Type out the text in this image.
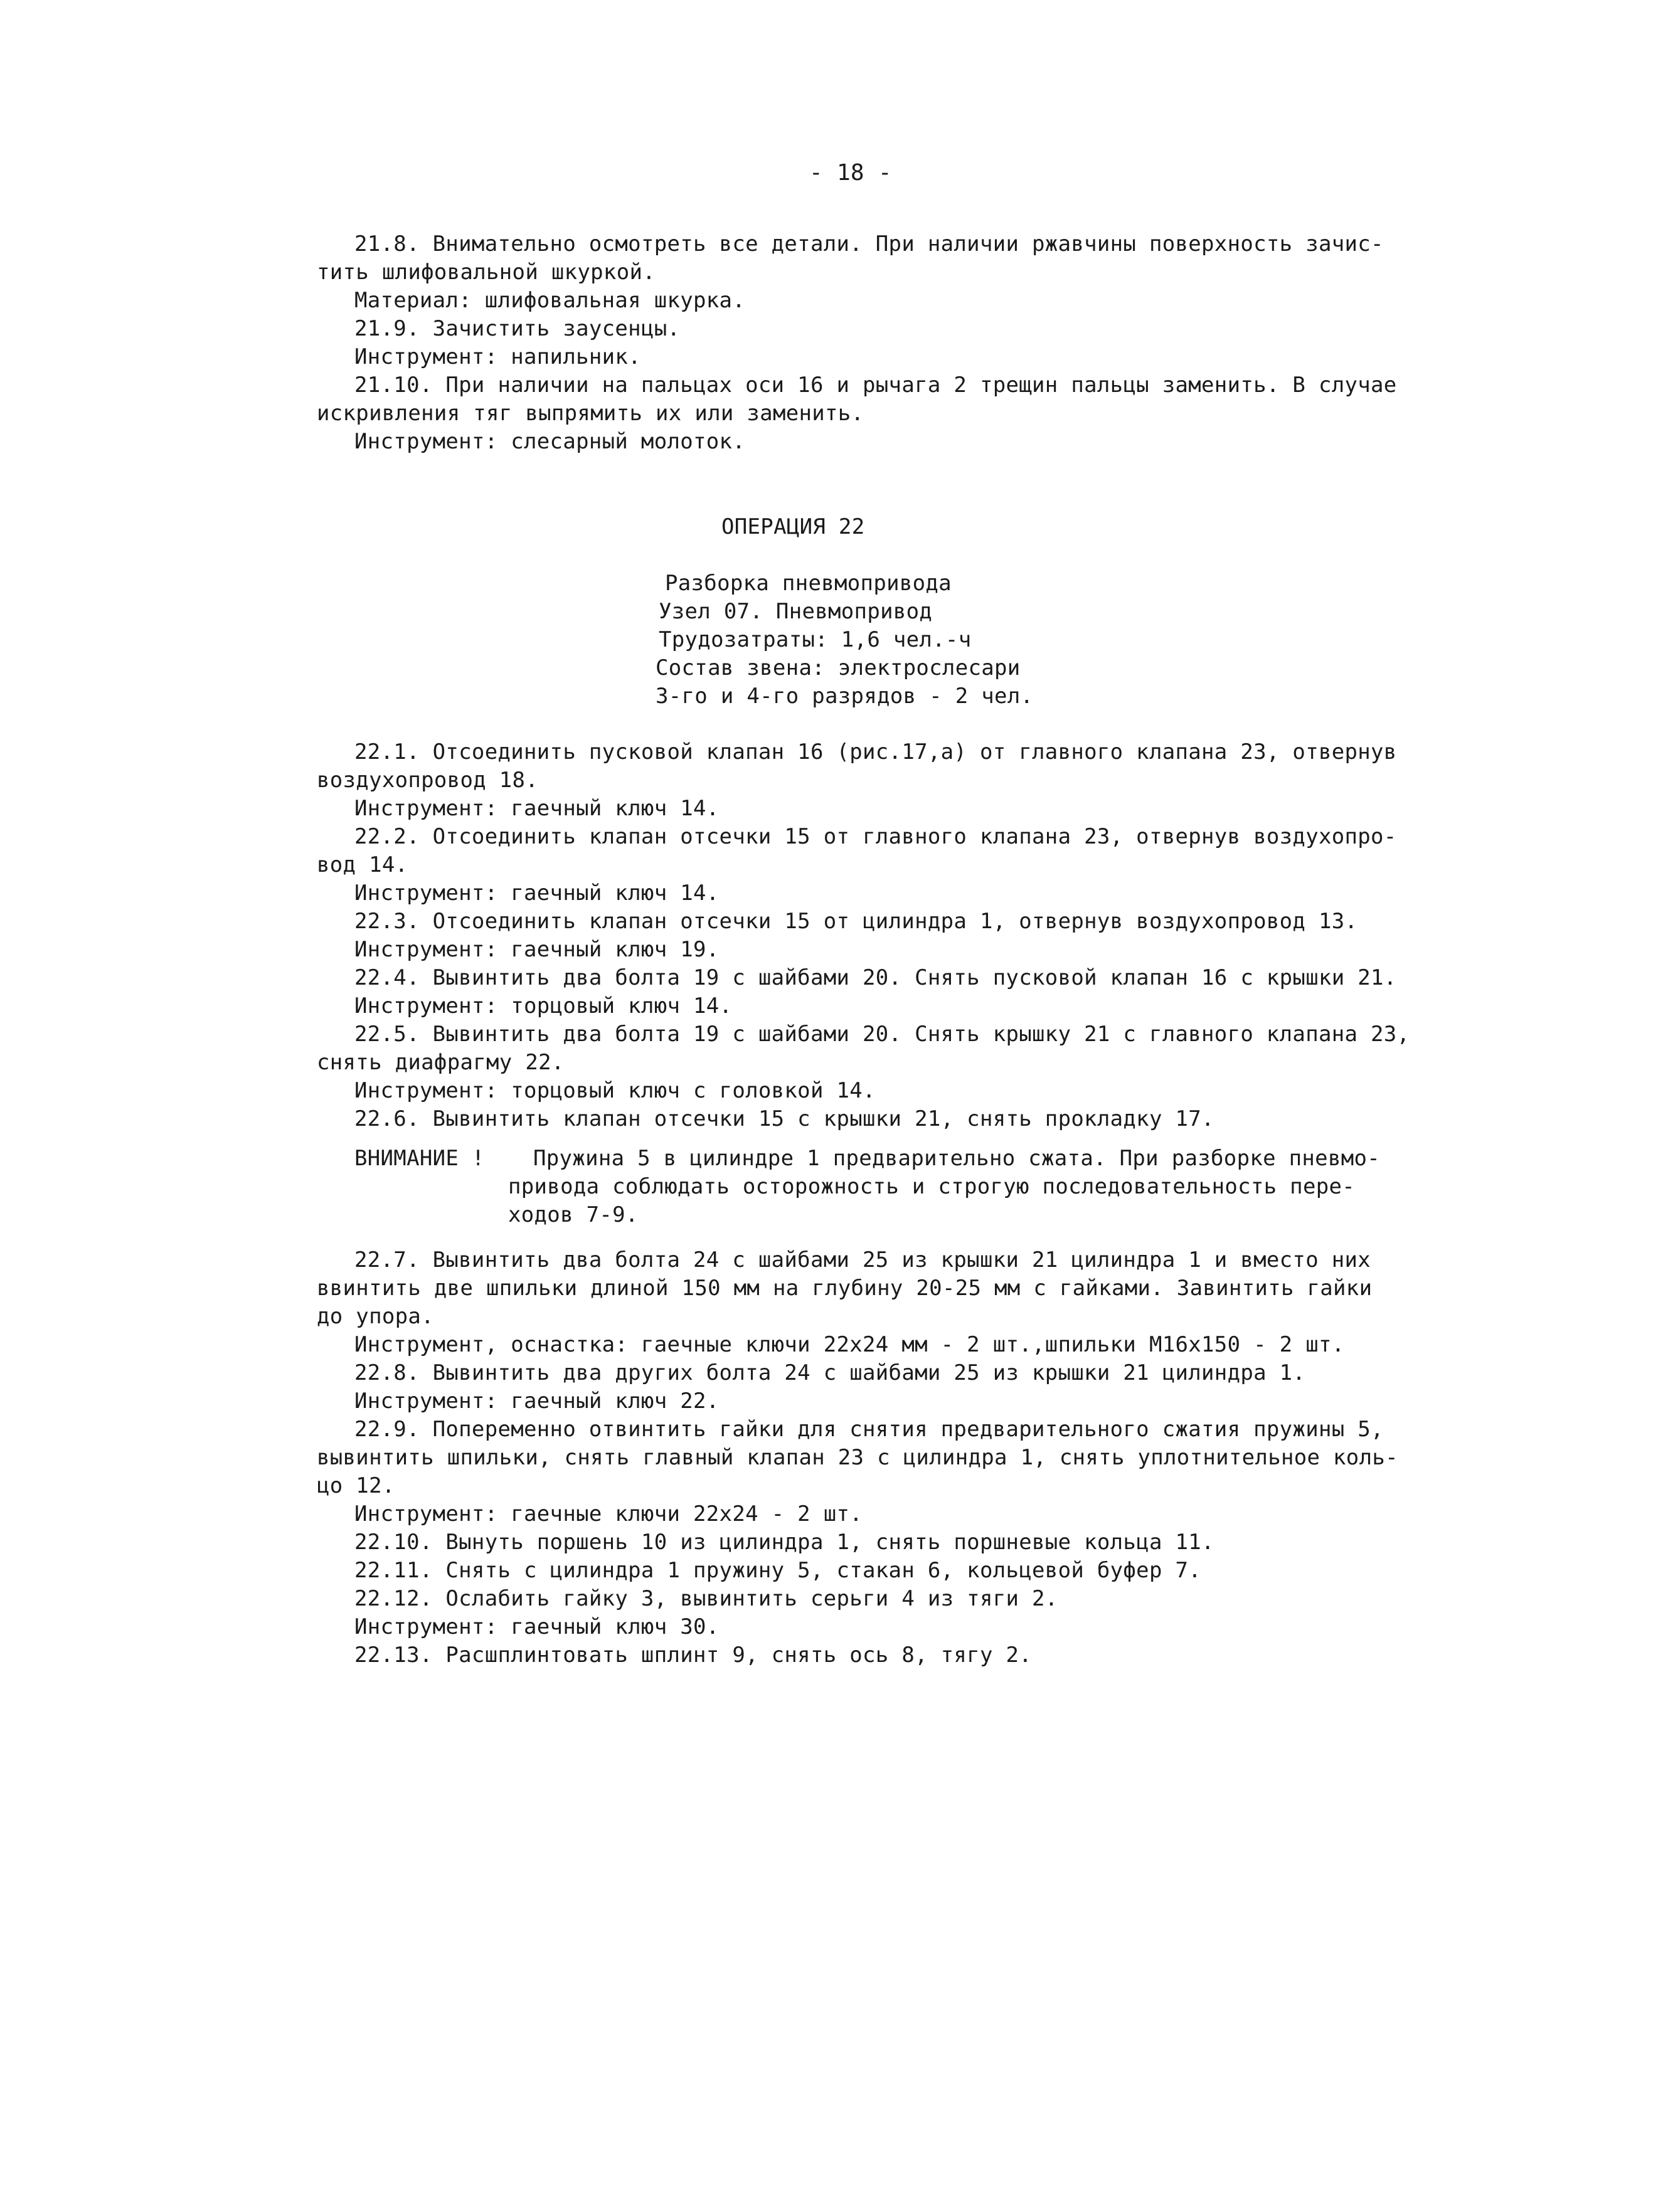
- 18 -
21.8. Внимательно осмотреть все детали. При наличии ржавчины поверхность зачис-
тить шлифовальной шкуркой.
Материал: шлифовальная шкурка.
21.9. Зачистить заусенцы.
Инструмент: напильник.
21.10. При наличии на пальцах оси 16 и рычага 2 трещин пальцы заменить. В случае
искривления тяг выпрямить их или заменить.
Инструмент: слесарный молоток.
ОПЕРАЦИЯ 22
Разборка пневмопривода
Узел 07. Пневмопривод
Трудозатраты: 1,6 чел.-ч
Состав звена: электрослесари
3-го и 4-го разрядов - 2 чел.
22.1. Отсоединить пусковой клапан 16 (рис.17,а) от главного клапана 23, отвернув
воздухопровод 18.
Инструмент: гаечный ключ 14.
22.2. Отсоединить клапан отсечки 15 от главного клапана 23, отвернув воздухопро-
вод 14.
Инструмент: гаечный ключ 14.
22.3. Отсоединить клапан отсечки 15 от цилиндра 1, отвернув воздухопровод 13.
Инструмент: гаечный ключ 19.
22.4. Вывинтить два болта 19 с шайбами 20. Снять пусковой клапан 16 с крышки 21.
Инструмент: торцовый ключ 14.
22.5. Вывинтить два болта 19 с шайбами 20. Снять крышку 21 с главного клапана 23,
снять диафрагму 22.
Инструмент: торцовый ключ с головкой 14.
22.6. Вывинтить клапан отсечки 15 с крышки 21, снять прокладку 17.
ВНИМАНИЕ ! Пружина 5 в цилиндре 1 предварительно сжата. При разборке пневмо-
привода соблюдать осторожность и строгую последовательность пере-
ходов 7-9.
22.7. Вывинтить два болта 24 с шайбами 25 из крышки 21 цилиндра 1 и вместо них
ввинтить две шпильки длиной 150 мм на глубину 20-25 мм с гайками. Завинтить гайки
до упора.
Инструмент, оснастка: гаечные ключи 22х24 мм - 2 шт.,шпильки М16х150 - 2 шт.
22.8. Вывинтить два других болта 24 с шайбами 25 из крышки 21 цилиндра 1.
Инструмент: гаечный ключ 22.
22.9. Попеременно отвинтить гайки для снятия предварительного сжатия пружины 5,
вывинтить шпильки, снять главный клапан 23 с цилиндра 1, снять уплотнительное коль-
цо 12.
Инструмент: гаечные ключи 22х24 - 2 шт.
22.10. Вынуть поршень 10 из цилиндра 1, снять поршневые кольца 11.
22.11. Снять с цилиндра 1 пружину 5, стакан 6, кольцевой буфер 7.
22.12. Ослабить гайку 3, вывинтить серьги 4 из тяги 2.
Инструмент: гаечный ключ 30.
22.13. Расшплинтовать шплинт 9, снять ось 8, тягу 2.
